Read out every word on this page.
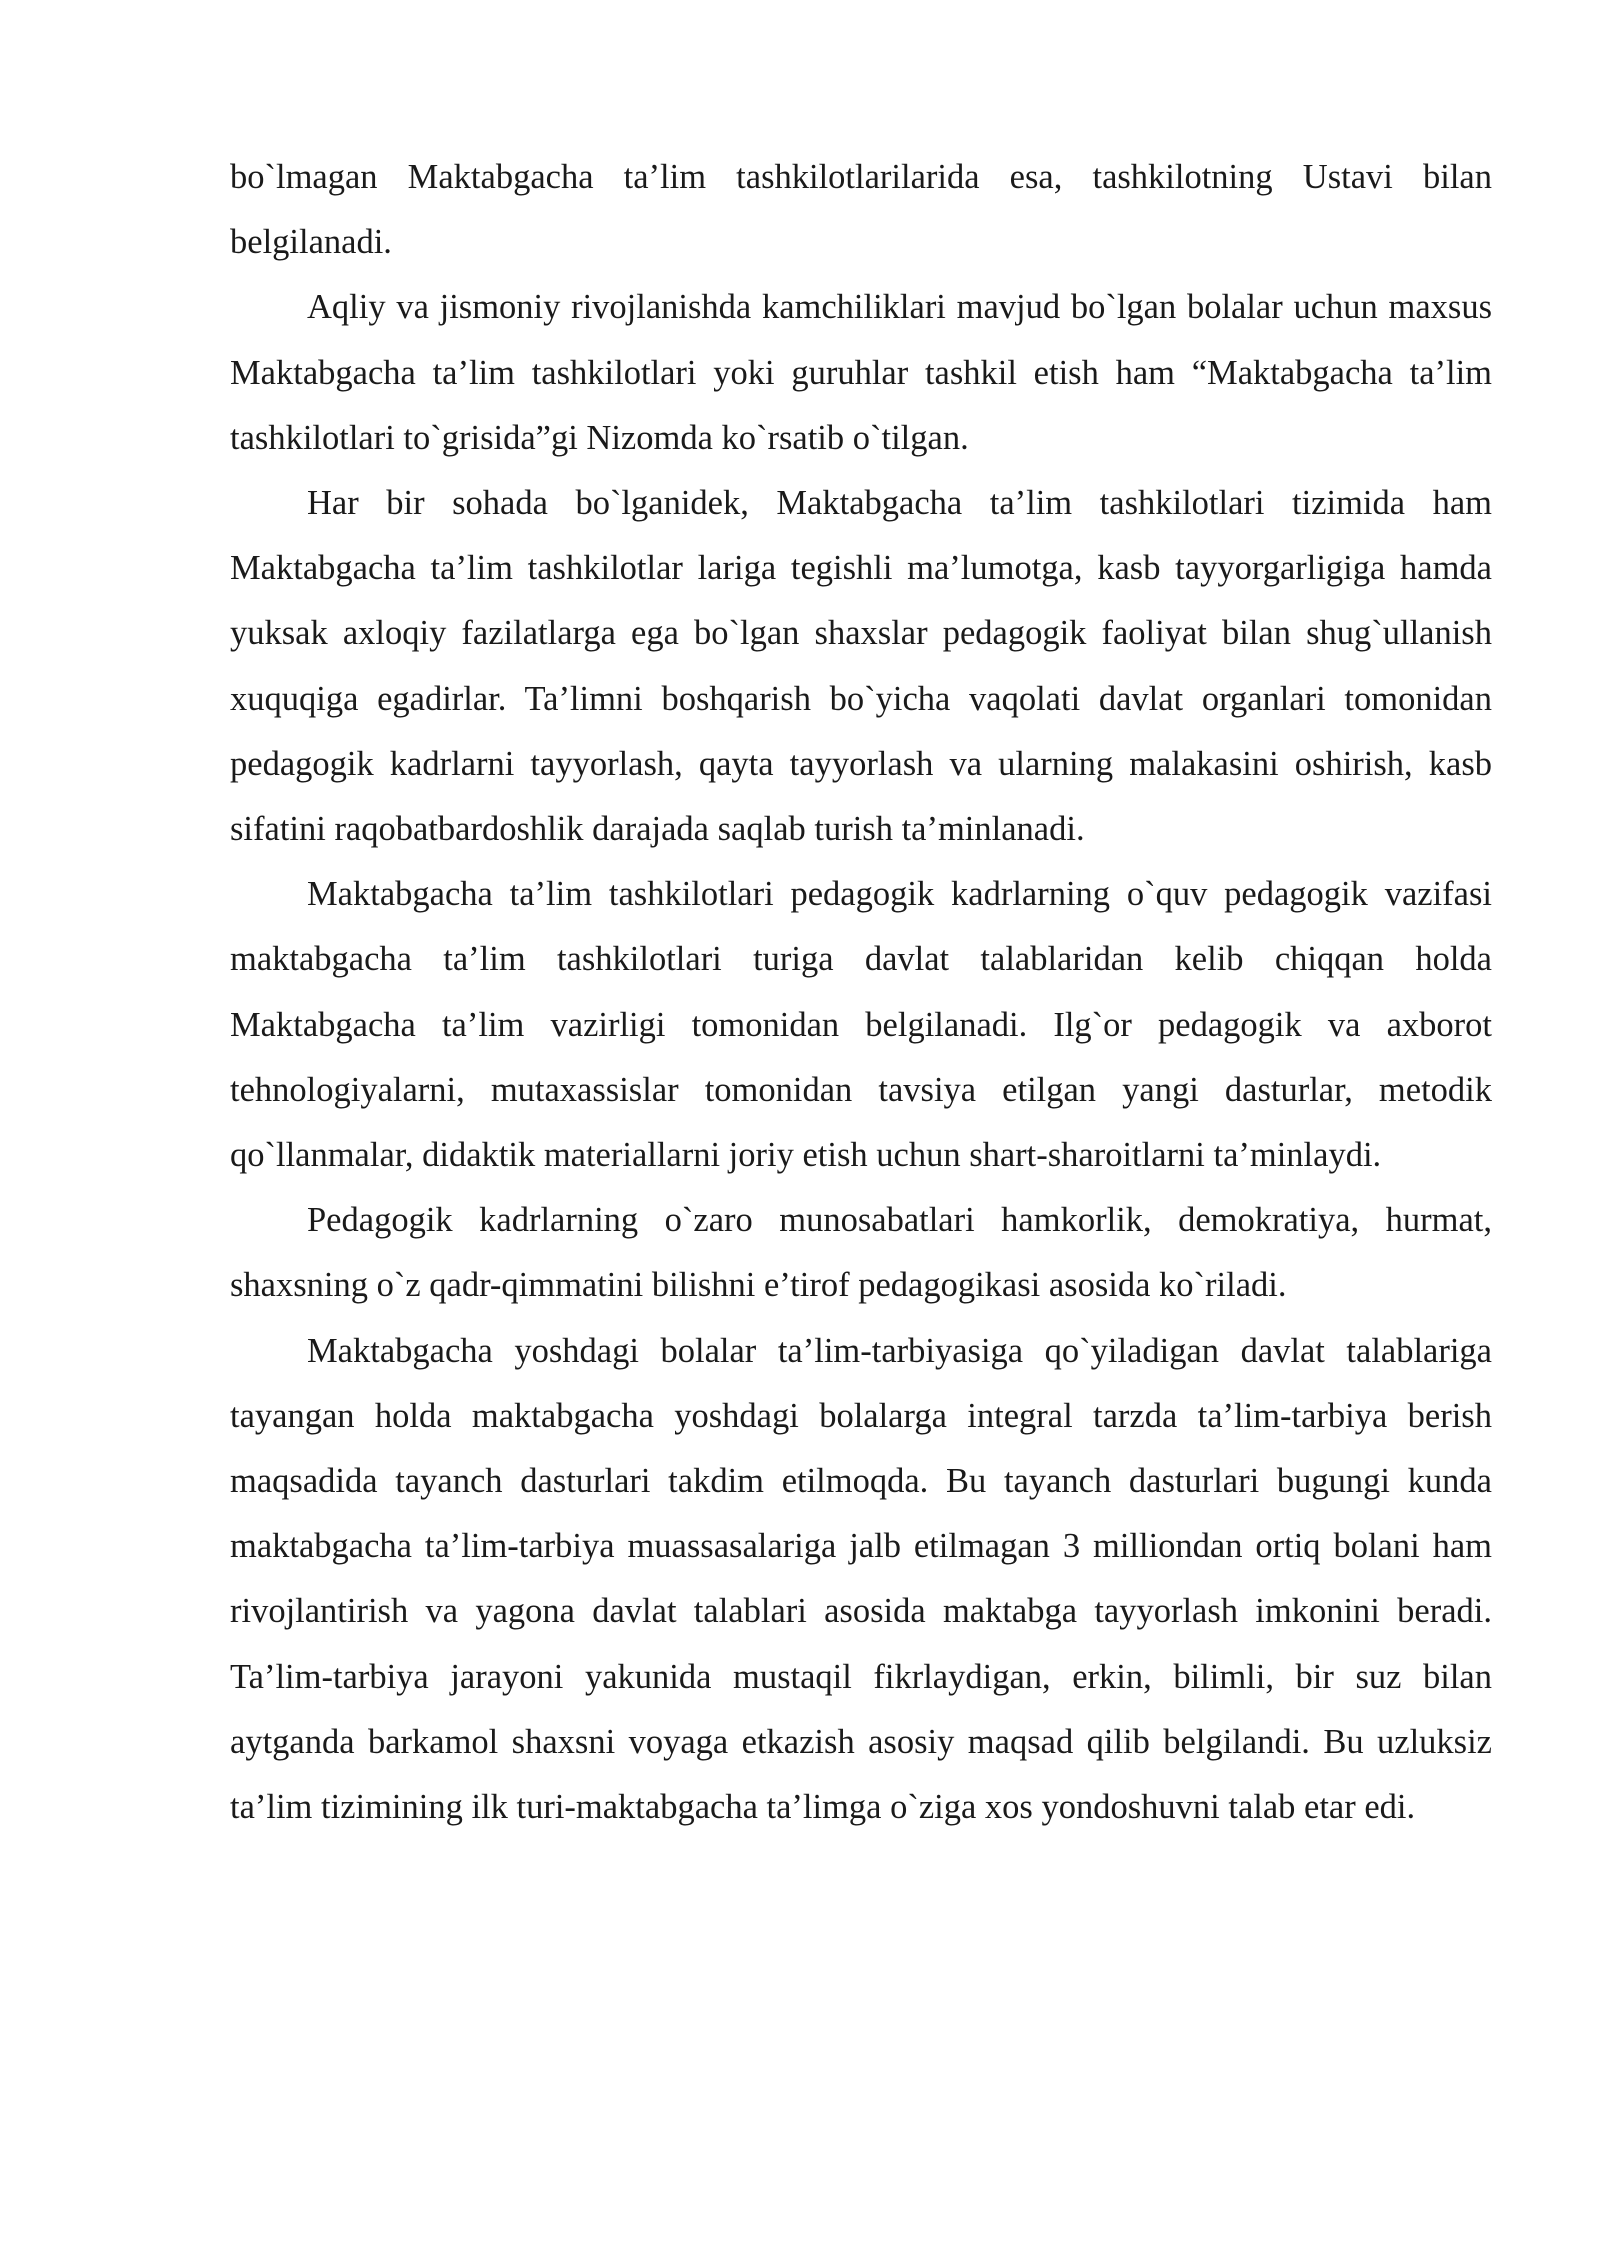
bo`lmagan Maktabgacha ta’lim tashkilotlarilarida esa, tashkilotning Ustavi bilan belgilanadi.

Aqliy va jismoniy rivojlanishda kamchiliklari mavjud bo`lgan bolalar uchun maxsus Maktabgacha ta’lim tashkilotlari yoki guruhlar tashkil etish ham “Maktabgacha ta’lim tashkilotlari to`grisida”gi Nizomda ko`rsatib o`tilgan.

Har bir sohada bo`lganidek, Maktabgacha ta’lim tashkilotlari tizimida ham Maktabgacha ta’lim tashkilotlar lariga tegishli ma’lumotga, kasb tayyorgarligiga hamda yuksak axloqiy fazilatlarga ega bo`lgan shaxslar pedagogik faoliyat bilan shug`ullanish xuquqiga egadirlar. Ta’limni boshqarish bo`yicha vaqolati davlat organlari tomonidan pedagogik kadrlarni tayyorlash, qayta tayyorlash va ularning malakasini oshirish, kasb sifatini raqobatbardoshlik darajada saqlab turish ta’minlanadi.

Maktabgacha ta’lim tashkilotlari pedagogik kadrlarning o`quv pedagogik vazifasi maktabgacha ta’lim tashkilotlari turiga davlat talablaridan kelib chiqqan holda Maktabgacha ta’lim vazirligi tomonidan belgilanadi. Ilg`or pedagogik va axborot tehnologiyalarni, mutaxassislar tomonidan tavsiya etilgan yangi dasturlar, metodik qo`llanmalar, didaktik materiallarni joriy etish uchun shart-sharoitlarni ta’minlaydi.

Pedagogik kadrlarning o`zaro munosabatlari hamkorlik, demokratiya, hurmat, shaxsning o`z qadr-qimmatini bilishni e’tirof pedagogikasi asosida ko`riladi.

Maktabgacha yoshdagi bolalar ta’lim-tarbiyasiga qo`yiladigan davlat talablariga tayangan holda maktabgacha yoshdagi bolalarga integral tarzda ta’lim-tarbiya berish maqsadida tayanch dasturlari takdim etilmoqda. Bu tayanch dasturlari bugungi kunda maktabgacha ta’lim-tarbiya muassasalariga jalb etilmagan 3 milliondan ortiq bolani ham rivojlantirish va yagona davlat talablari asosida maktabga tayyorlash imkonini beradi. Ta’lim-tarbiya jarayoni yakunida mustaqil fikrlaydigan, erkin, bilimli, bir suz bilan aytganda barkamol shaxsni voyaga etkazish asosiy maqsad qilib belgilandi. Bu uzluksiz ta’lim tizimining ilk turi-maktabgacha ta’limga o`ziga xos yondoshuvni talab etar edi.
